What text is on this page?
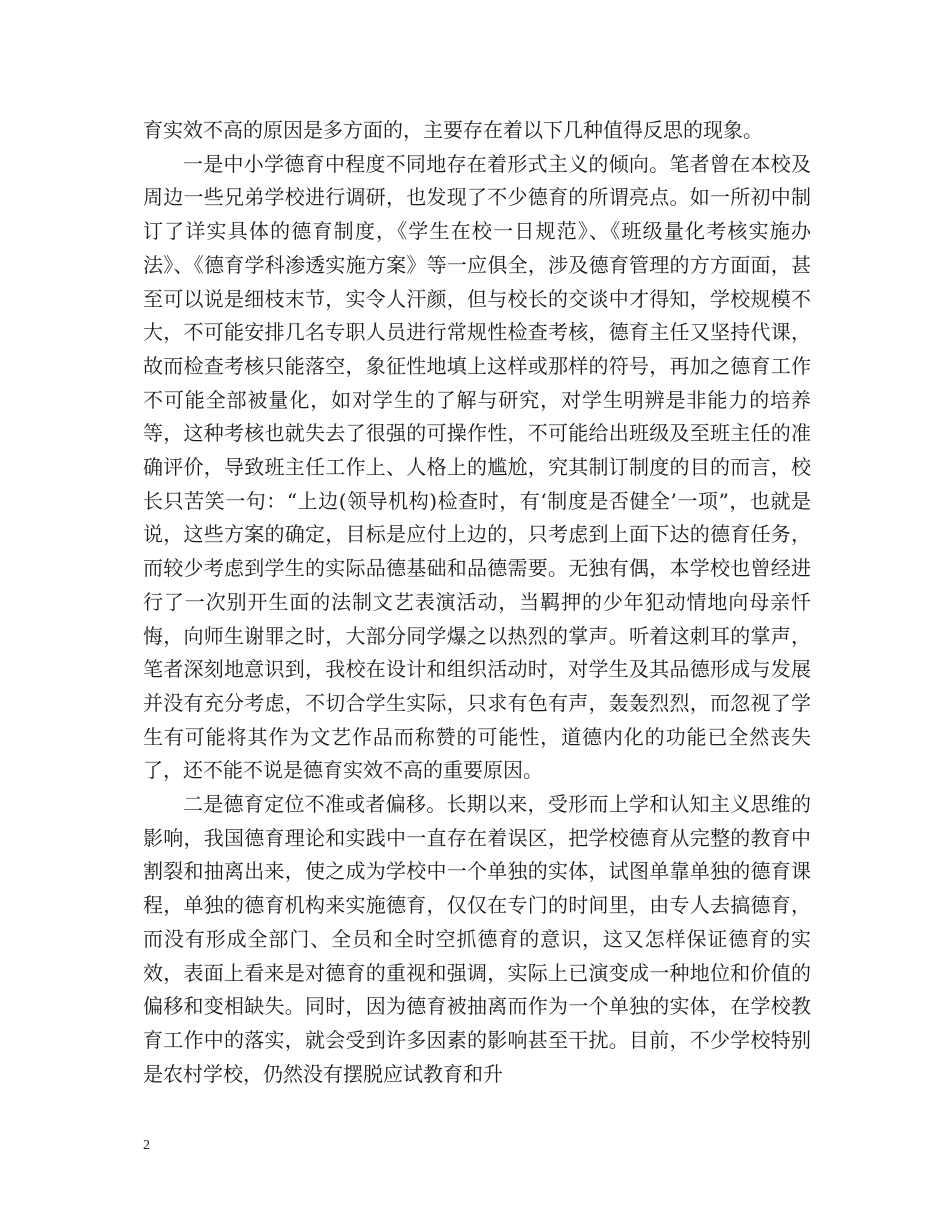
育实效不高的原因是多方面的，主要存在着以下几种值得反思的现象。

一是中小学德育中程度不同地存在着形式主义的倾向。笔者曾在本校及周边一些兄弟学校进行调研，也发现了不少德育的所谓亮点。如一所初中制订了详实具体的德育制度，《学生在校一日规范》、《班级量化考核实施办法》、《德育学科渗透实施方案》等一应俱全，涉及德育管理的方方面面，甚至可以说是细枝末节，实令人汗颜，但与校长的交谈中才得知，学校规模不大，不可能安排几名专职人员进行常规性检查考核，德育主任又坚持代课，故而检查考核只能落空，象征性地填上这样或那样的符号，再加之德育工作不可能全部被量化，如对学生的了解与研究，对学生明辨是非能力的培养等，这种考核也就失去了很强的可操作性，不可能给出班级及至班主任的准确评价，导致班主任工作上、人格上的尴尬，究其制订制度的目的而言，校长只苦笑一句：“上边(领导机构)检查时，有‘制度是否健全’一项”，也就是说，这些方案的确定，目标是应付上边的，只考虑到上面下达的德育任务，而较少考虑到学生的实际品德基础和品德需要。无独有偶，本学校也曾经进行了一次别开生面的法制文艺表演活动，当羁押的少年犯动情地向母亲忏悔，向师生谢罪之时，大部分同学爆之以热烈的掌声。听着这刺耳的掌声，笔者深刻地意识到，我校在设计和组织活动时，对学生及其品德形成与发展并没有充分考虑，不切合学生实际，只求有色有声，轰轰烈烈，而忽视了学生有可能将其作为文艺作品而称赞的可能性，道德内化的功能已全然丧失了，还不能不说是德育实效不高的重要原因。

二是德育定位不准或者偏移。长期以来，受形而上学和认知主义思维的影响，我国德育理论和实践中一直存在着误区，把学校德育从完整的教育中割裂和抽离出来，使之成为学校中一个单独的实体，试图单靠单独的德育课程，单独的德育机构来实施德育，仅仅在专门的时间里，由专人去搞德育，而没有形成全部门、全员和全时空抓德育的意识，这又怎样保证德育的实效，表面上看来是对德育的重视和强调，实际上已演变成一种地位和价值的偏移和变相缺失。同时，因为德育被抽离而作为一个单独的实体，在学校教育工作中的落实，就会受到许多因素的影响甚至干扰。目前，不少学校特别是农村学校，仍然没有摆脱应试教育和升

2
